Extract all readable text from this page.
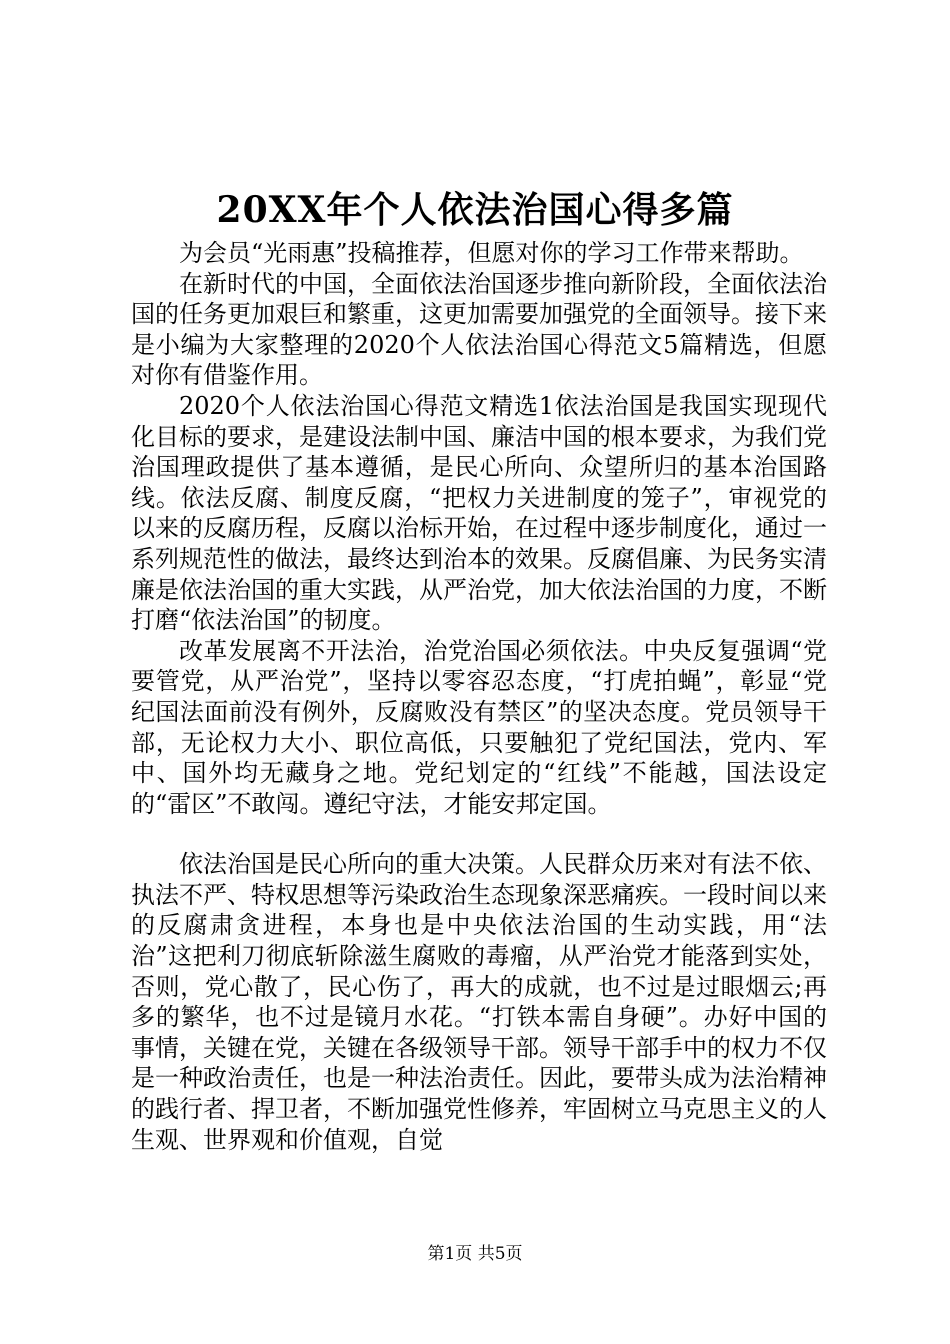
20XX年个人依法治国心得多篇

为会员“光雨惠”投稿推荐，但愿对你的学习工作带来帮助。

在新时代的中国，全面依法治国逐步推向新阶段，全面依法治国的任务更加艰巨和繁重，这更加需要加强党的全面领导。接下来是小编为大家整理的2020个人依法治国心得范文5篇精选，但愿对你有借鉴作用。

2020个人依法治国心得范文精选1依法治国是我国实现现代化目标的要求，是建设法制中国、廉洁中国的根本要求，为我们党治国理政提供了基本遵循，是民心所向、众望所归的基本治国路线。依法反腐、制度反腐，“把权力关进制度的笼子”，审视党的以来的反腐历程，反腐以治标开始，在过程中逐步制度化，通过一系列规范性的做法，最终达到治本的效果。反腐倡廉、为民务实清廉是依法治国的重大实践，从严治党，加大依法治国的力度，不断打磨“依法治国”的韧度。

改革发展离不开法治，治党治国必须依法。中央反复强调“党要管党，从严治党”，坚持以零容忍态度，“打虎拍蝇”，彰显“党纪国法面前没有例外，反腐败没有禁区”的坚决态度。党员领导干部，无论权力大小、职位高低，只要触犯了党纪国法，党内、军中、国外均无藏身之地。党纪划定的“红线”不能越，国法设定的“雷区”不敢闯。遵纪守法，才能安邦定国。

依法治国是民心所向的重大决策。人民群众历来对有法不依、执法不严、特权思想等污染政治生态现象深恶痛疾。一段时间以来的反腐肃贪进程，本身也是中央依法治国的生动实践，用“法治”这把利刀彻底斩除滋生腐败的毒瘤，从严治党才能落到实处，否则，党心散了，民心伤了，再大的成就，也不过是过眼烟云;再多的繁华，也不过是镜月水花。“打铁本需自身硬”。办好中国的事情，关键在党，关键在各级领导干部。领导干部手中的权力不仅是一种政治责任，也是一种法治责任。因此，要带头成为法治精神的践行者、捍卫者，不断加强党性修养，牢固树立马克思主义的人生观、世界观和价值观，自觉

第1页 共5页
